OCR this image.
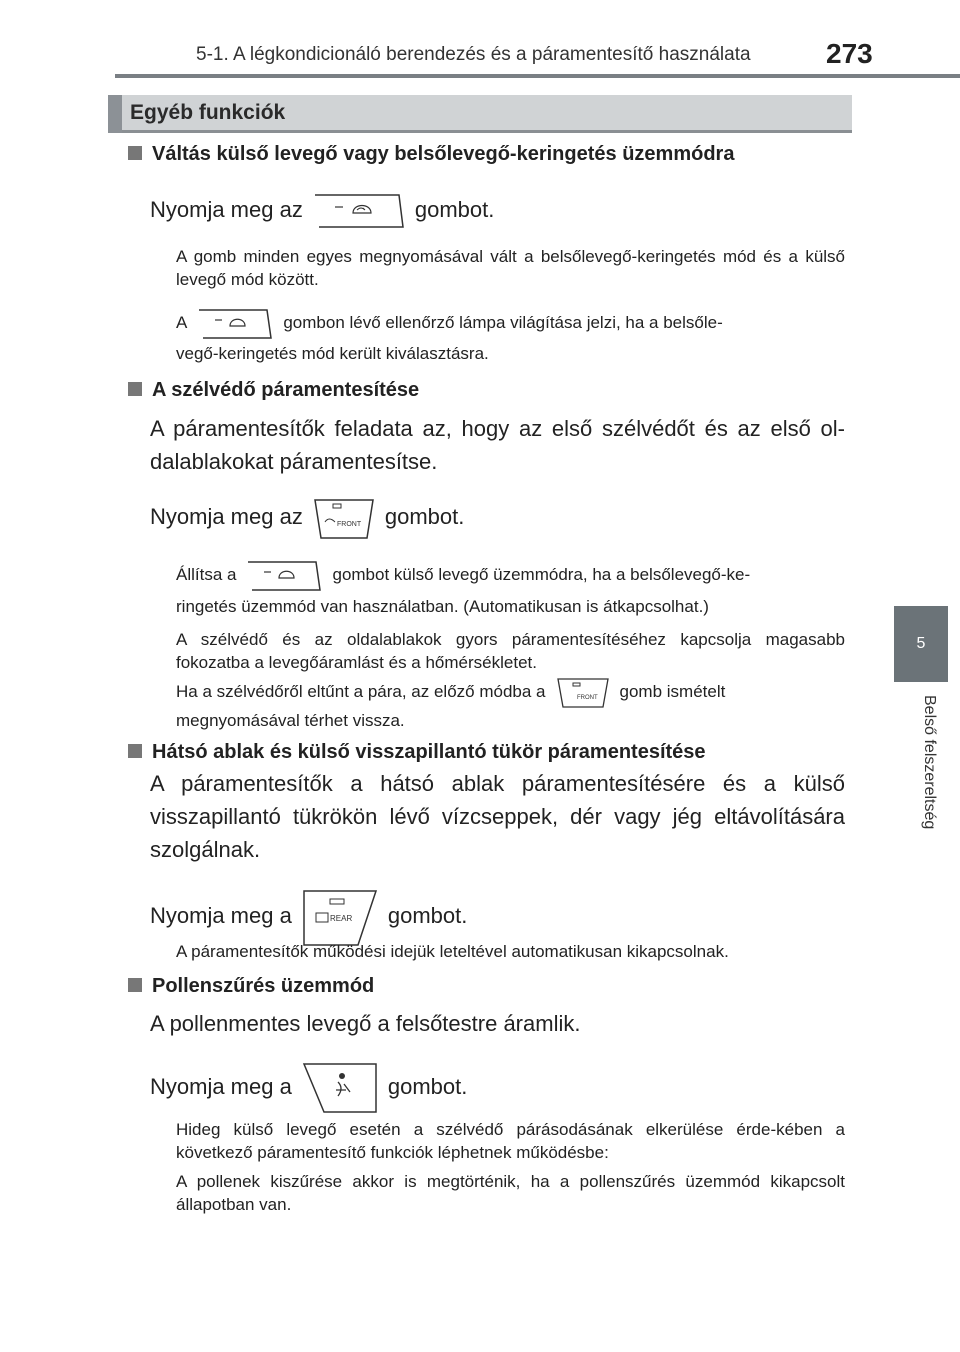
5-1. A légkondicionáló berendezés és a páramentesítő használata	273
5
Belső felszereltség
Egyéb funkciók
Váltás külső levegő vagy belsőlevegő-keringetés üzemmódra
Nyomja meg az	gombot.
A gomb minden egyes megnyomásával vált a belsőlevegő-keringetés mód és a külső levegő mód között.
A	gombon lévő ellenőrző lámpa világítása jelzi, ha a belsőle-
vegő-keringetés mód került kiválasztásra.
A szélvédő páramentesítése
A páramentesítők feladata az, hogy az első szélvédőt és az első ol-dalablakokat páramentesítse.
Nyomja meg az	FRONT gombot.
Állítsa a	gombot külső levegő üzemmódra, ha a belsőlevegő-ke-
ringetés üzemmód van használatban. (Automatikusan is átkapcsolhat.)
A szélvédő és az oldalablakok gyors páramentesítéséhez kapcsolja magasabb fokozatba a levegőáramlást és a hőmérsékletet.
Ha a szélvédőről eltűnt a pára, az előző módba a	FRONT gomb ismételt
megnyomásával térhet vissza.
Hátsó ablak és külső visszapillantó tükör páramentesítése
A páramentesítők a hátsó ablak páramentesítésére és a külső visszapillantó tükrökön lévő vízcseppek, dér vagy jég eltávolítására szolgálnak.
Nyomja meg a	REAR gombot.
A páramentesítők működési idejük leteltével automatikusan kikapcsolnak.
Pollenszűrés üzemmód
A pollenmentes levegő a felsőtestre áramlik.
Nyomja meg a	gombot.
Hideg külső levegő esetén a szélvédő párásodásának elkerülése érde-kében a következő páramentesítő funkciók léphetnek működésbe:
A pollenek kiszűrése akkor is megtörténik, ha a pollenszűrés üzemmód kikapcsolt állapotban van.
